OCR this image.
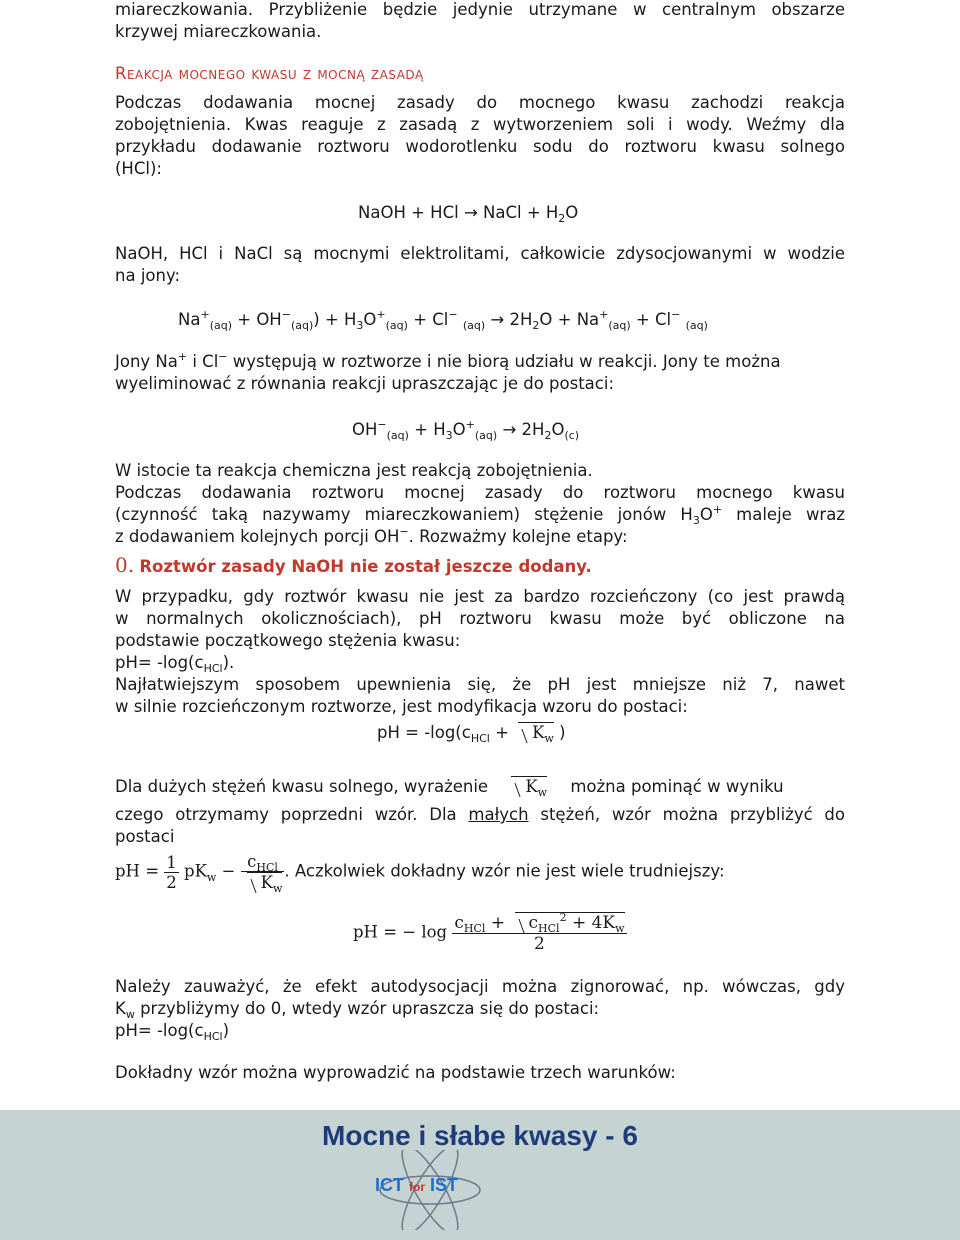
miareczkowania. Przybliżenie będzie jedynie utrzymane w centralnym obszarze
krzywej miareczkowania.
Reakcja mocnego kwasu z mocną zasadą
Podczas dodawania mocnej zasady do mocnego kwasu zachodzi reakcja
zobojętnienia. Kwas reaguje z zasadą z wytworzeniem soli i wody. Weźmy dla
przykładu dodawanie roztworu wodorotlenku sodu do roztworu kwasu solnego
(HCl):
NaOH + HCl → NaCl + $H_2O$
NaOH, HCl i NaCl są mocnymi elektrolitami, całkowicie zdysocjowanymi w wodzie
na jony:
$Na^+_{(aq)} + OH^-_{(aq)}) + H_3O^+_{(aq)} + Cl^-$ $_{(aq)} \to 2H_2O + Na^+_{(aq)} + Cl^-$ $_{(aq)}$
Jony Na+ i Cl− występują w roztworze i nie biorą udziału w reakcji. Jony te można
wyeliminować z równania reakcji upraszczając je do postaci:
$OH^-_{(aq)} + H_3O^+_{(aq)} \to 2H_2O_{(c)}$
W istocie ta reakcja chemiczna jest reakcją zobojętnienia.
Podczas dodawania roztworu mocnej zasady do roztworu mocnego kwasu
(czynność taką nazywamy miareczkowaniem) stężenie jonów $H_3O^+$ maleje wraz
z dodawaniem kolejnych porcji OH−. Rozważmy kolejne etapy:
0. Roztwór zasady NaOH nie został jeszcze dodany.
W przypadku, gdy roztwór kwasu nie jest za bardzo rozcieńczony (co jest prawdą
w normalnych okolicznościach), pH roztworu kwasu może być obliczone na
podstawie początkowego stężenia kwasu:
$pH= -\log(c_{HCl})$.
Najłatwiejszym sposobem upewnienia się, że pH jest mniejsze niż 7, nawet
w silnie rozcieńczonym roztworze, jest modyfikacja wzoru do postaci:
pH = $-\log(c_{HCl} + K_w$ )
Dla dużych stężeń kwasu solnego, wyrażenie $K_w$ można pominąć w wyniku
czego otrzymamy poprzedni wzór. Dla małych stężeń, wzór można przybliżyć do
postaci
pH = $\frac{1}{2} pK_w - \frac{c_{HCl}}{K_w}$ . Aczkolwiek dokładny wzór nie jest wiele trudniejszy:
pH = − $\log \frac{c_{HCl} + c_{HCl}^2 + 4K_w}{2}$
Należy zauważyć, że efekt autodysocjacji można zignorować, np. wówczas, gdy
$K_w$ przybliżymy do 0, wtedy wzór upraszcza się do postaci:
$pH= -\log(c_{HCl})$
Dokładny wzór można wyprowadzić na podstawie trzech warunków:
Mocne i słabe kwasy - 6
ICT for IST
